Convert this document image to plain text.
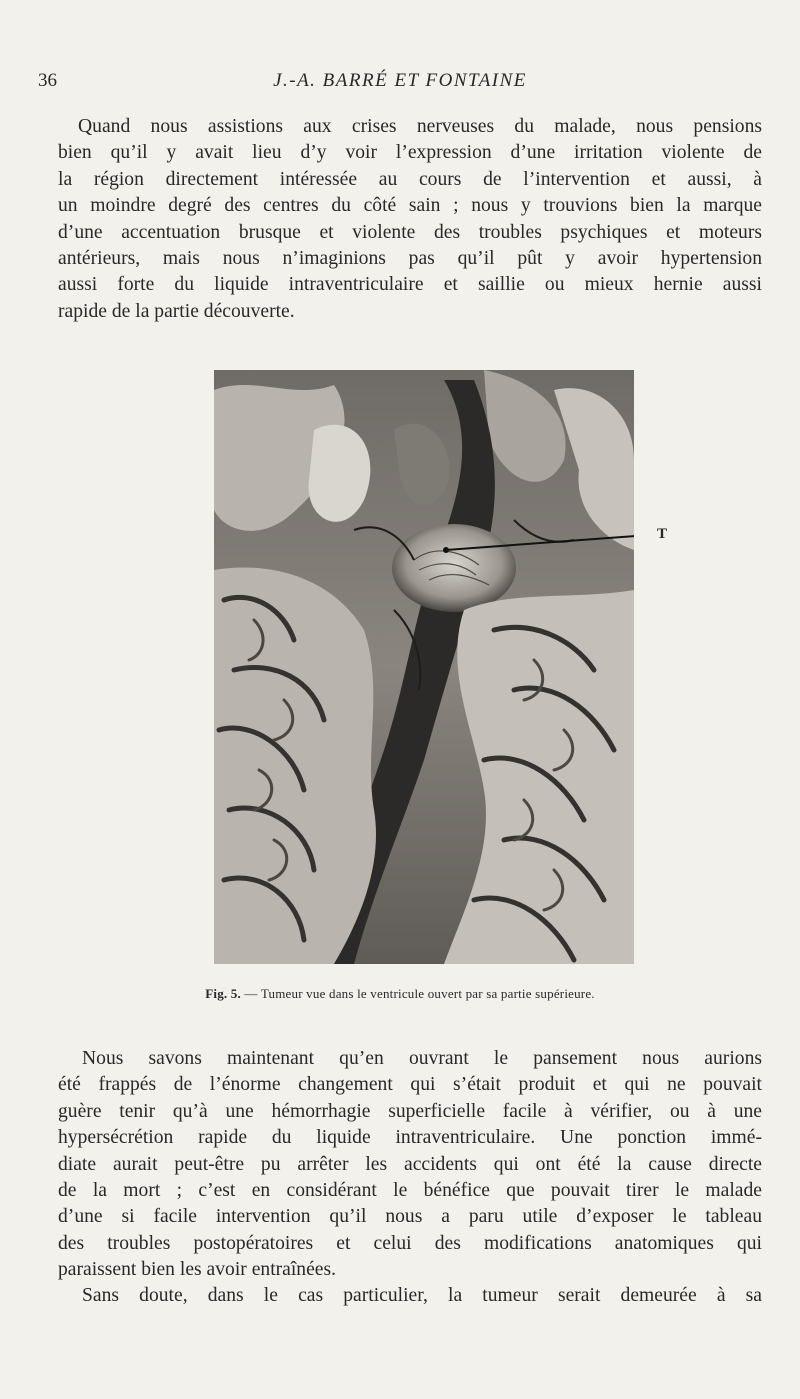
36	J.-A. BARRÉ ET FONTAINE

Quand nous assistions aux crises nerveuses du malade, nous pensions
bien qu’il y avait lieu d’y voir l’expression d’une irritation violente de
la région directement intéressée au cours de l’intervention et aussi, à
un moindre degré des centres du côté sain ; nous y trouvions bien la marque
d’une accentuation brusque et violente des troubles psychiques et moteurs
antérieurs, mais nous n’imaginions pas qu’il pût y avoir hypertension
aussi forte du liquide intraventriculaire et saillie ou mieux hernie aussi
rapide de la partie découverte.

T
Fig. 5. — Tumeur vue dans le ventricule ouvert par sa partie supérieure.

Nous savons maintenant qu’en ouvrant le pansement nous aurions
été frappés de l’énorme changement qui s’était produit et qui ne pouvait
guère tenir qu’à une hémorrhagie superficielle facile à vérifier, ou à une
hypersécrétion rapide du liquide intraventriculaire. Une ponction immé-
diate aurait peut-être pu arrêter les accidents qui ont été la cause directe
de la mort ; c’est en considérant le bénéfice que pouvait tirer le malade
d’une si facile intervention qu’il nous a paru utile d’exposer le tableau
des troubles postopératoires et celui des modifications anatomiques qui
paraissent bien les avoir entraînées.

Sans doute, dans le cas particulier, la tumeur serait demeurée à sa
